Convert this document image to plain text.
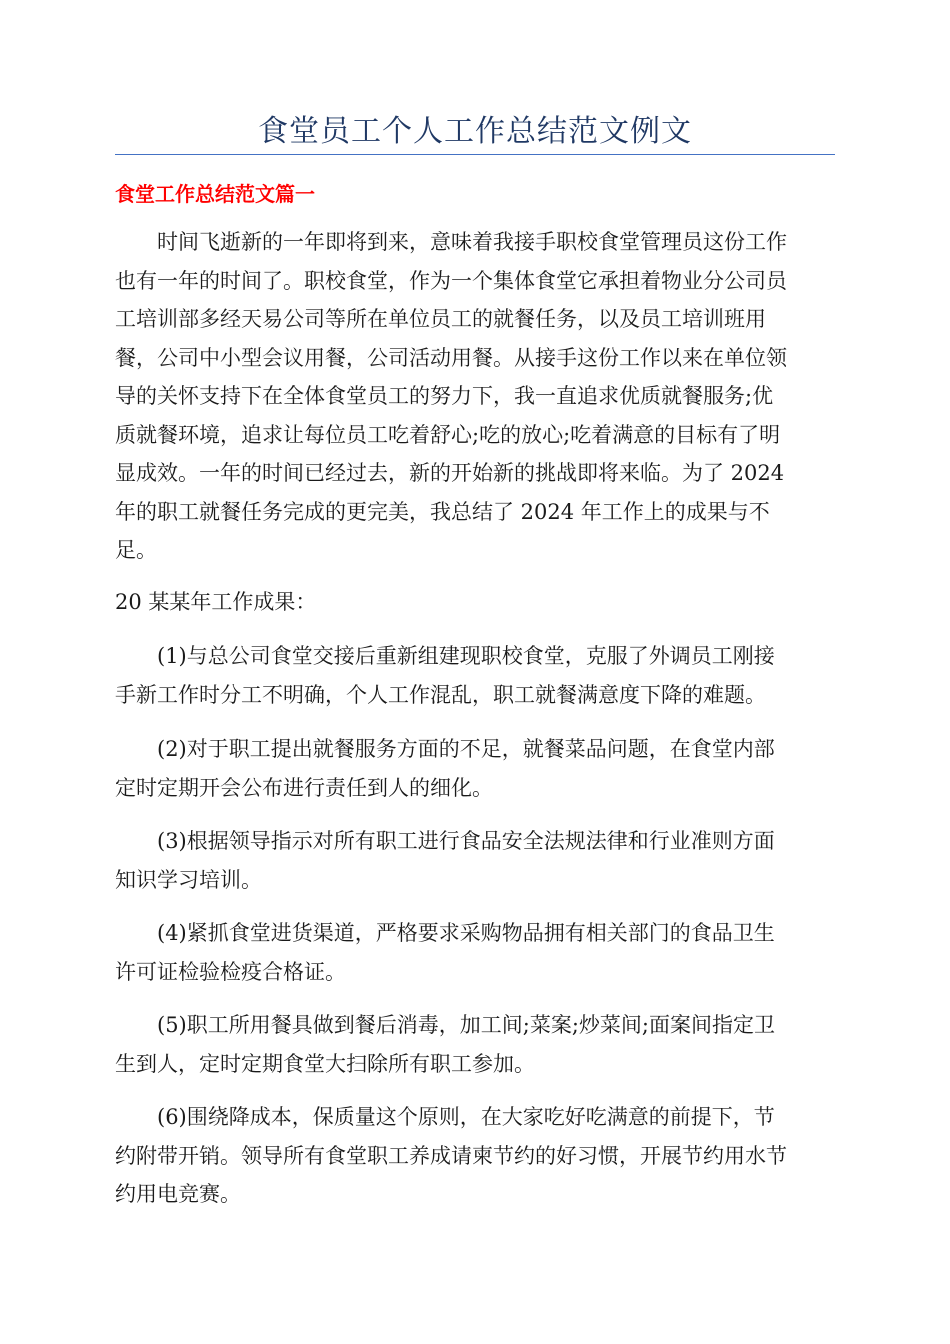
食堂员工个人工作总结范文例文
食堂工作总结范文篇一
　　时间飞逝新的一年即将到来，意味着我接手职校食堂管理员这份工作
也有一年的时间了。职校食堂，作为一个集体食堂它承担着物业分公司员
工培训部多经天易公司等所在单位员工的就餐任务，以及员工培训班用
餐，公司中小型会议用餐，公司活动用餐。从接手这份工作以来在单位领
导的关怀支持下在全体食堂员工的努力下，我一直追求优质就餐服务;优
质就餐环境，追求让每位员工吃着舒心;吃的放心;吃着满意的目标有了明
显成效。一年的时间已经过去，新的开始新的挑战即将来临。为了 2024
年的职工就餐任务完成的更完美，我总结了 2024 年工作上的成果与不
足。
20 某某年工作成果：
　　(1)与总公司食堂交接后重新组建现职校食堂，克服了外调员工刚接
手新工作时分工不明确，个人工作混乱，职工就餐满意度下降的难题。
　　(2)对于职工提出就餐服务方面的不足，就餐菜品问题，在食堂内部
定时定期开会公布进行责任到人的细化。
　　(3)根据领导指示对所有职工进行食品安全法规法律和行业准则方面
知识学习培训。
　　(4)紧抓食堂进货渠道，严格要求采购物品拥有相关部门的食品卫生
许可证检验检疫合格证。
　　(5)职工所用餐具做到餐后消毒，加工间;菜案;炒菜间;面案间指定卫
生到人，定时定期食堂大扫除所有职工参加。
　　(6)围绕降成本，保质量这个原则，在大家吃好吃满意的前提下，节
约附带开销。领导所有食堂职工养成请柬节约的好习惯，开展节约用水节
约用电竞赛。
